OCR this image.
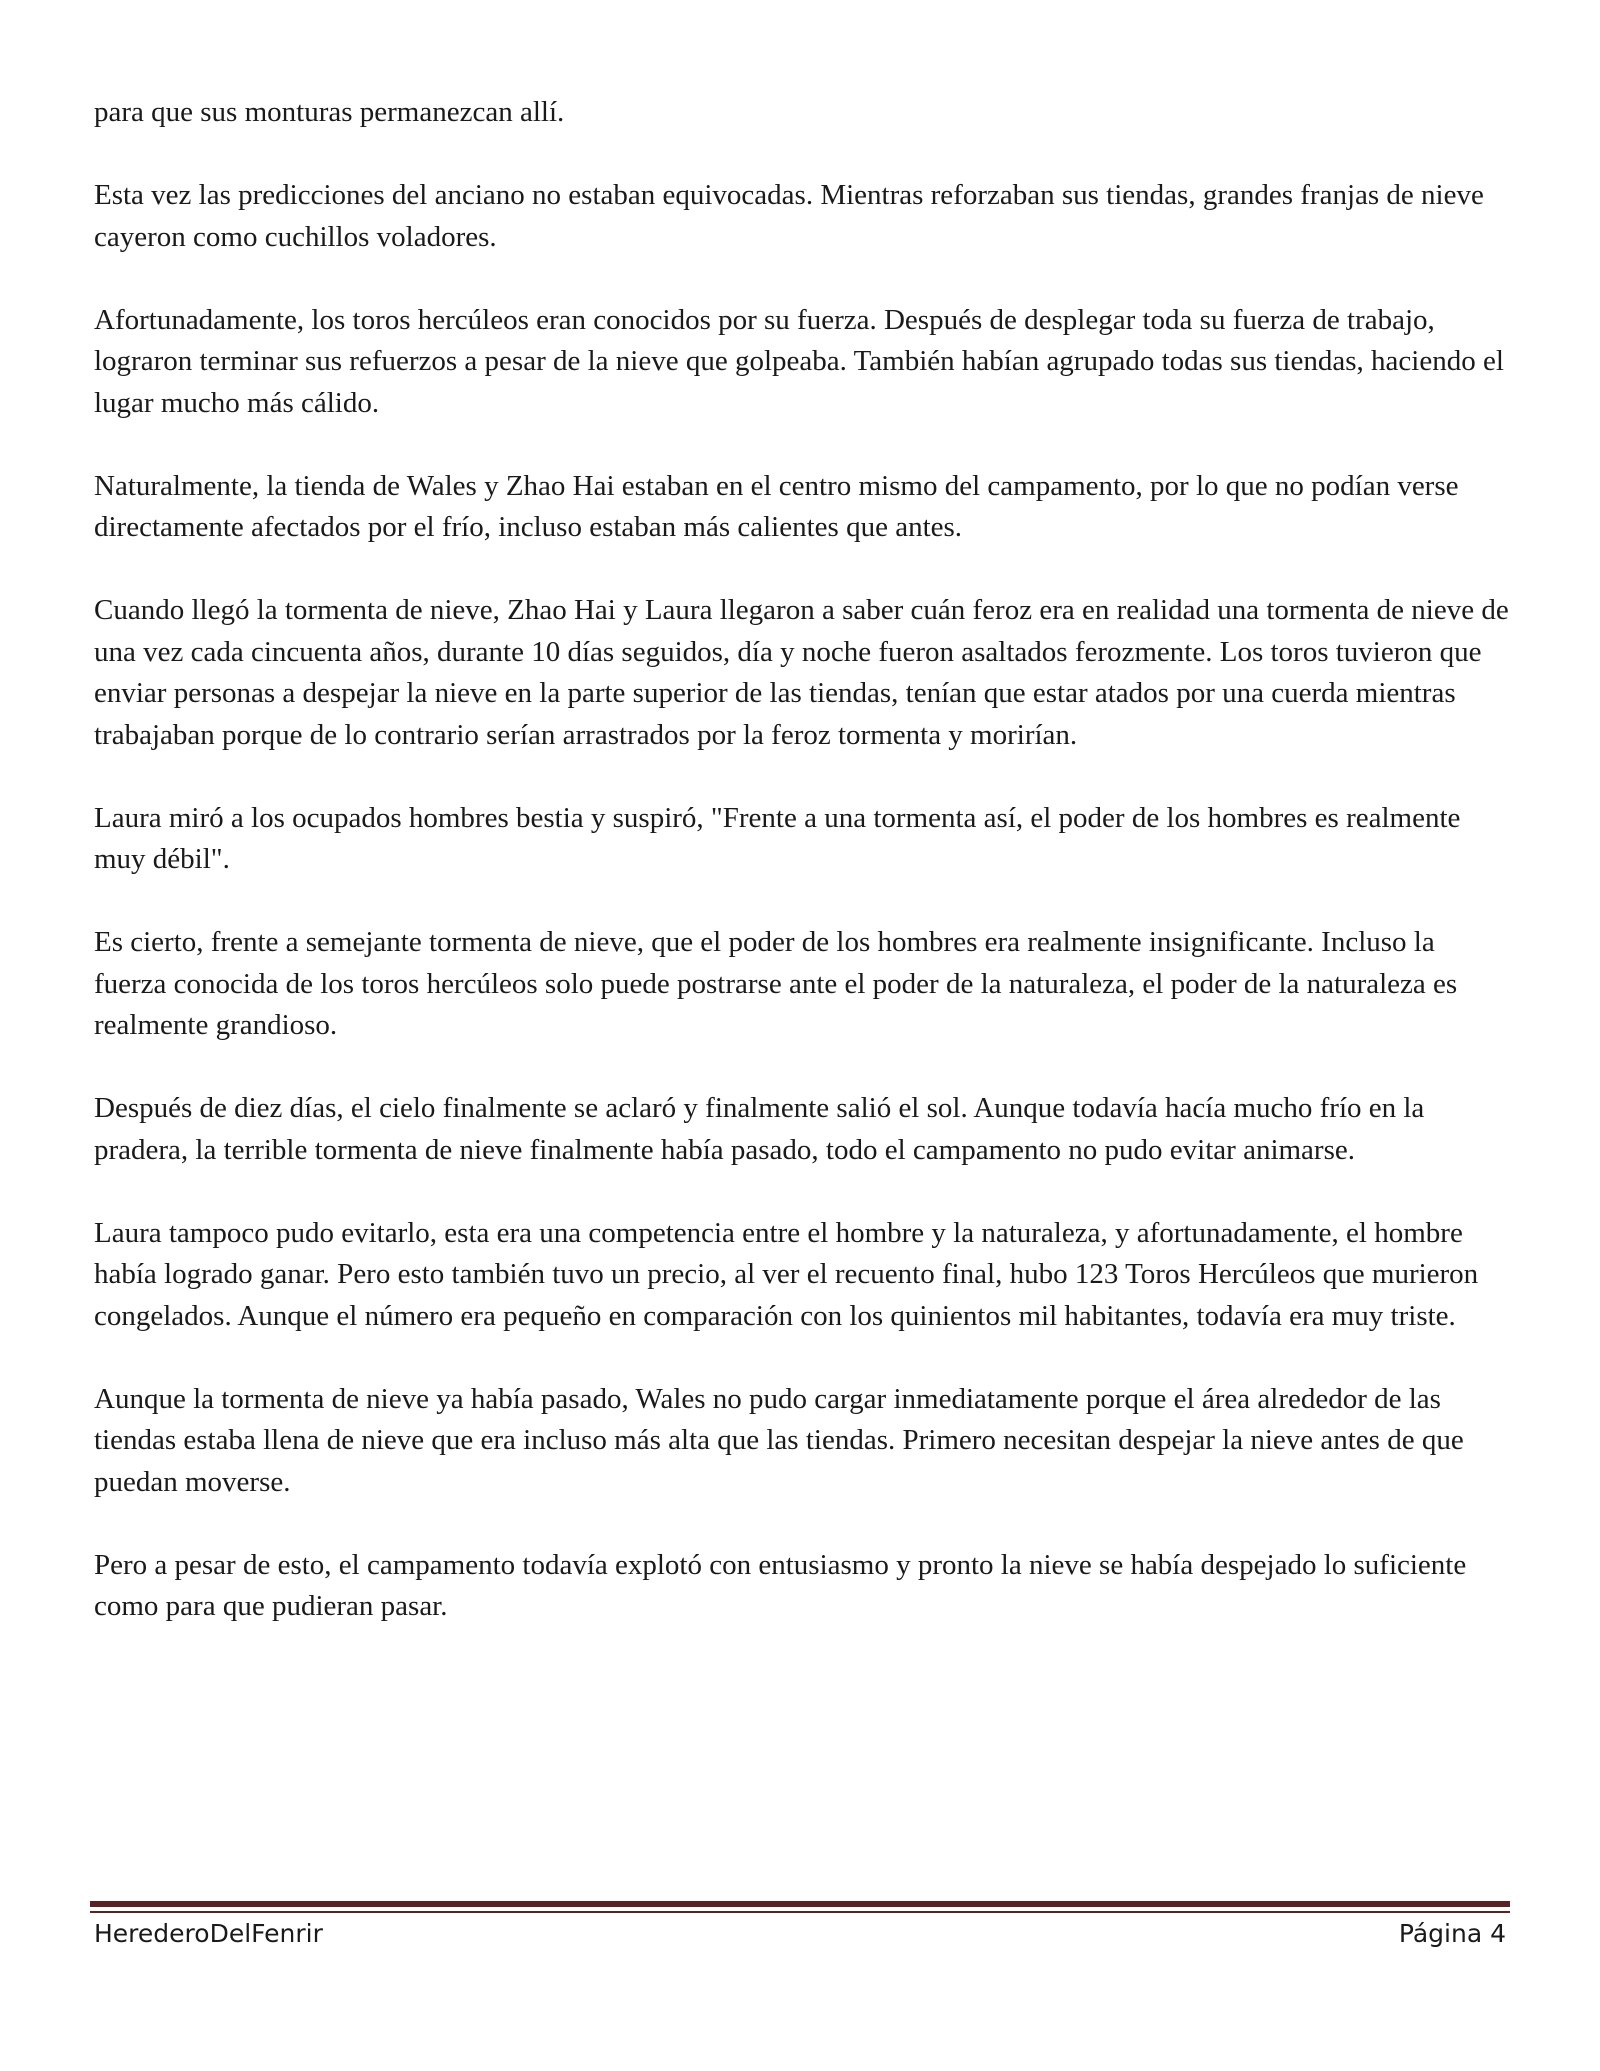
para que sus monturas permanezcan allí.

Esta vez las predicciones del anciano no estaban equivocadas. Mientras reforzaban sus tiendas, grandes franjas de nieve cayeron como cuchillos voladores.

Afortunadamente, los toros hercúleos eran conocidos por su fuerza. Después de desplegar toda su fuerza de trabajo, lograron terminar sus refuerzos a pesar de la nieve que golpeaba. También habían agrupado todas sus tiendas, haciendo el lugar mucho más cálido.

Naturalmente, la tienda de Wales y Zhao Hai estaban en el centro mismo del campamento, por lo que no podían verse directamente afectados por el frío, incluso estaban más calientes que antes.

Cuando llegó la tormenta de nieve, Zhao Hai y Laura llegaron a saber cuán feroz era en realidad una tormenta de nieve de una vez cada cincuenta años, durante 10 días seguidos, día y noche fueron asaltados ferozmente. Los toros tuvieron que enviar personas a despejar la nieve en la parte superior de las tiendas, tenían que estar atados por una cuerda mientras trabajaban porque de lo contrario serían arrastrados por la feroz tormenta y morirían.

Laura miró a los ocupados hombres bestia y suspiró, "Frente a una tormenta así, el poder de los hombres es realmente muy débil".

Es cierto, frente a semejante tormenta de nieve, que el poder de los hombres era realmente insignificante. Incluso la fuerza conocida de los toros hercúleos solo puede postrarse ante el poder de la naturaleza, el poder de la naturaleza es realmente grandioso.

Después de diez días, el cielo finalmente se aclaró y finalmente salió el sol. Aunque todavía hacía mucho frío en la pradera, la terrible tormenta de nieve finalmente había pasado, todo el campamento no pudo evitar animarse.

Laura tampoco pudo evitarlo, esta era una competencia entre el hombre y la naturaleza, y afortunadamente, el hombre había logrado ganar. Pero esto también tuvo un precio, al ver el recuento final, hubo 123 Toros Hercúleos que murieron congelados. Aunque el número era pequeño en comparación con los quinientos mil habitantes, todavía era muy triste.

Aunque la tormenta de nieve ya había pasado, Wales no pudo cargar inmediatamente porque el área alrededor de las tiendas estaba llena de nieve que era incluso más alta que las tiendas. Primero necesitan despejar la nieve antes de que puedan moverse.

Pero a pesar de esto, el campamento todavía explotó con entusiasmo y pronto la nieve se había despejado lo suficiente como para que pudieran pasar.

HerederoDelFenrir	Página 4
